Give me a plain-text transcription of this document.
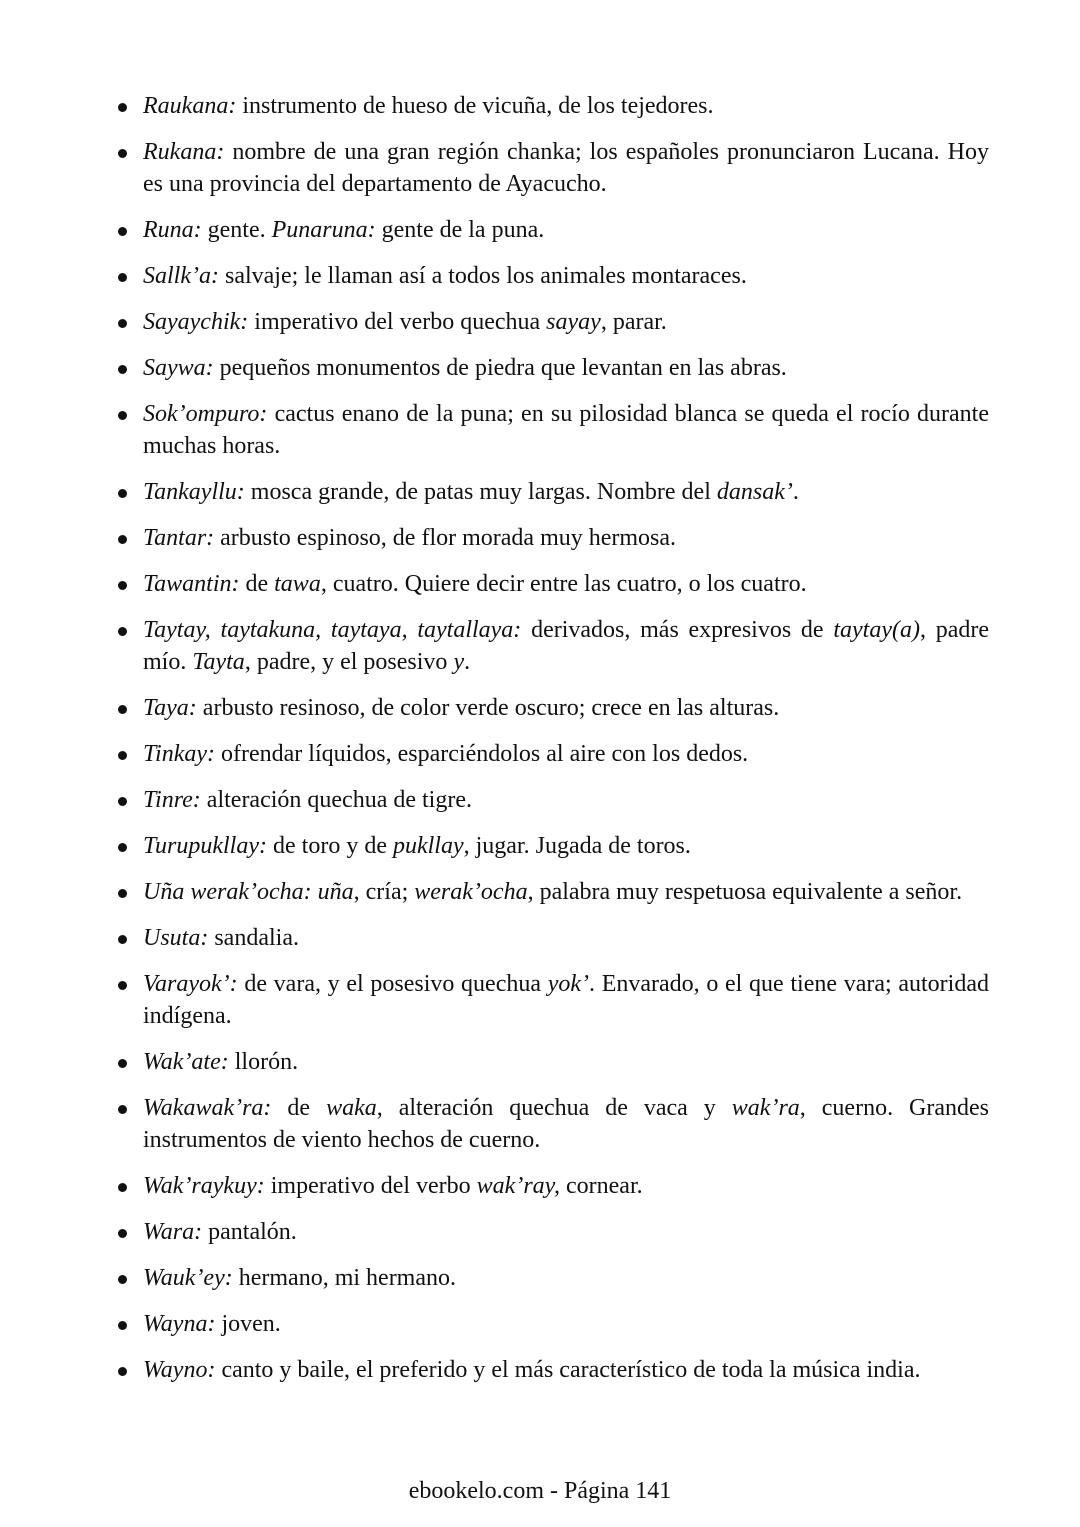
Raukana: instrumento de hueso de vicuña, de los tejedores.
Rukana: nombre de una gran región chanka; los españoles pronunciaron Lucana. Hoy es una provincia del departamento de Ayacucho.
Runa: gente. Punaruna: gente de la puna.
Sallk’a: salvaje; le llaman así a todos los animales montaraces.
Sayaychik: imperativo del verbo quechua sayay, parar.
Saywa: pequeños monumentos de piedra que levantan en las abras.
Sok’ompuro: cactus enano de la puna; en su pilosidad blanca se queda el rocío durante muchas horas.
Tankayllu: mosca grande, de patas muy largas. Nombre del dansak’.
Tantar: arbusto espinoso, de flor morada muy hermosa.
Tawantin: de tawa, cuatro. Quiere decir entre las cuatro, o los cuatro.
Taytay, taytakuna, taytaya, taytallaya: derivados, más expresivos de taytay(a), padre mío. Tayta, padre, y el posesivo y.
Taya: arbusto resinoso, de color verde oscuro; crece en las alturas.
Tinkay: ofrendar líquidos, esparciéndolos al aire con los dedos.
Tinre: alteración quechua de tigre.
Turupukllay: de toro y de pukllay, jugar. Jugada de toros.
Uña werak’ocha: uña, cría; werak’ocha, palabra muy respetuosa equivalente a señor.
Usuta: sandalia.
Varayok’: de vara, y el posesivo quechua yok’. Envarado, o el que tiene vara; autoridad indígena.
Wak’ate: llorón.
Wakawak’ra: de waka, alteración quechua de vaca y wak’ra, cuerno. Grandes instrumentos de viento hechos de cuerno.
Wak’raykuy: imperativo del verbo wak’ray, cornear.
Wara: pantalón.
Wauk’ey: hermano, mi hermano.
Wayna: joven.
Wayno: canto y baile, el preferido y el más característico de toda la música india.
ebookelo.com - Página 141
